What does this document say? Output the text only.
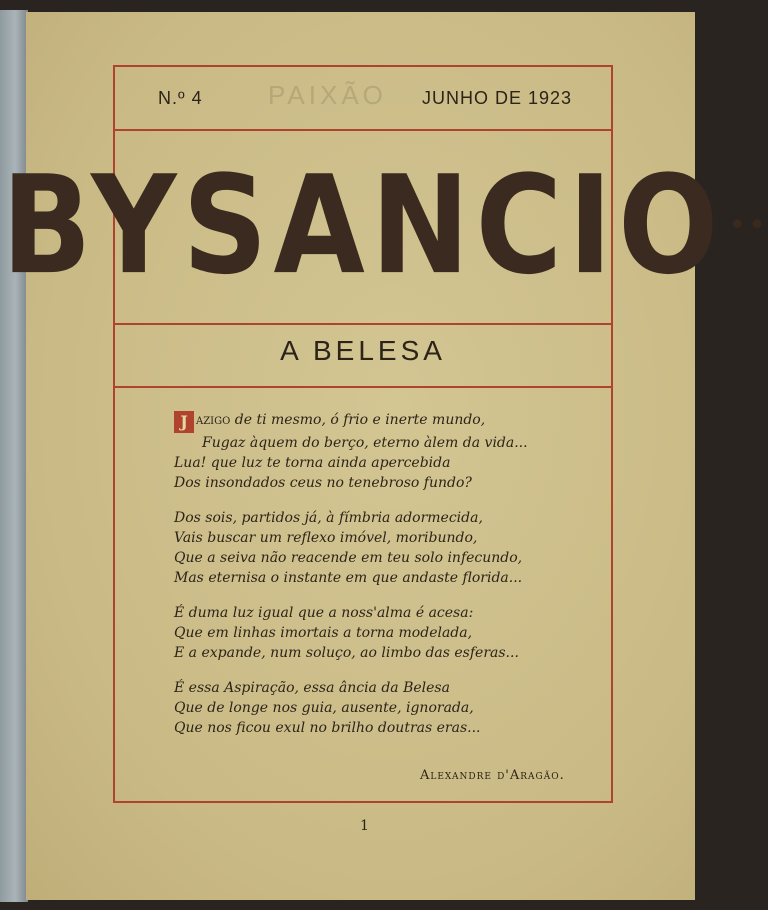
PAIXÃO
N.º 4	JUNHO DE 1923
BYSANCIO ••
A BELESA
J azigo de ti mesmo, ó frio e inerte mundo,
Fugaz àquem do berço, eterno àlem da vida...
Lua! que luz te torna ainda apercebida
Dos insondados ceus no tenebroso fundo?
Dos sois, partidos já, à fímbria adormecida,
Vais buscar um reflexo imóvel, moribundo,
Que a seiva não reacende em teu solo infecundo,
Mas eternisa o instante em que andaste florida...
É duma luz igual que a noss'alma é acesa:
Que em linhas imortais a torna modelada,
E a expande, num soluço, ao limbo das esferas...
É essa Aspiração, essa ância da Belesa
Que de longe nos guia, ausente, ignorada,
Que nos ficou exul no brilho doutras eras...
Alexandre d'Aragão.
1
